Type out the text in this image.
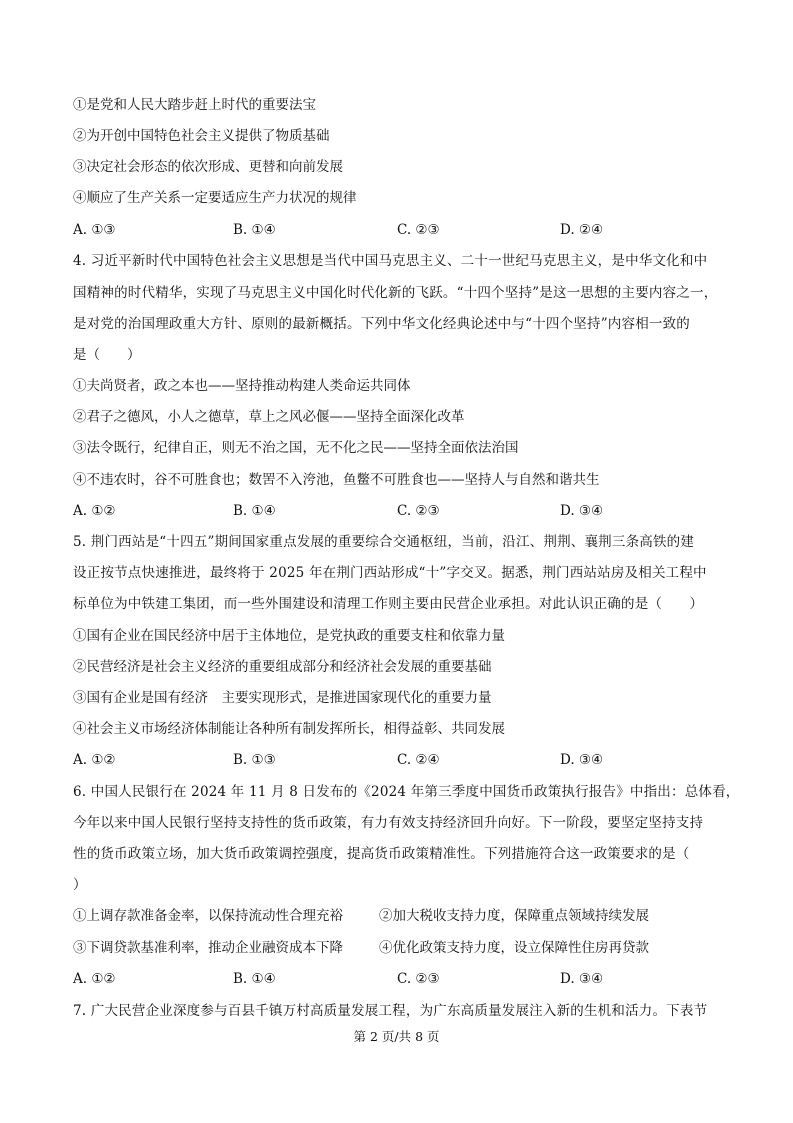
①是党和人民大踏步赶上时代的重要法宝
②为开创中国特色社会主义提供了物质基础
③决定社会形态的依次形成、更替和向前发展
④顺应了生产关系一定要适应生产力状况的规律
A. ①③	B. ①④	C. ②③	D. ②④
4. 习近平新时代中国特色社会主义思想是当代中国马克思主义、二十一世纪马克思主义，是中华文化和中
国精神的时代精华，实现了马克思主义中国化时代化新的飞跃。“十四个坚持”是这一思想的主要内容之一，
是对党的治国理政重大方针、原则的最新概括。下列中华文化经典论述中与“十四个坚持”内容相一致的
是（　　）
①夫尚贤者，政之本也——坚持推动构建人类命运共同体
②君子之德风，小人之德草，草上之风必偃——坚持全面深化改革
③法令既行，纪律自正，则无不治之国，无不化之民——坚持全面依法治国
④不违农时，谷不可胜食也；数罟不入洿池，鱼鳖不可胜食也——坚持人与自然和谐共生
A. ①②	B. ①④	C. ②③	D. ③④
5. 荆门西站是“十四五”期间国家重点发展的重要综合交通枢纽，当前，沿江、荆荆、襄荆三条高铁的建
设正按节点快速推进，最终将于 2025 年在荆门西站形成“十”字交叉。据悉，荆门西站站房及相关工程中
标单位为中铁建工集团，而一些外围建设和清理工作则主要由民营企业承担。对此认识正确的是（　　）
①国有企业在国民经济中居于主体地位，是党执政的重要支柱和依靠力量
②民营经济是社会主义经济的重要组成部分和经济社会发展的重要基础
③国有企业是国有经济　主要实现形式，是推进国家现代化的重要力量
④社会主义市场经济体制能让各种所有制发挥所长，相得益彰、共同发展
A. ①②	B. ①③	C. ②④	D. ③④
6. 中国人民银行在 2024 年 11 月 8 日发布的《2024 年第三季度中国货币政策执行报告》中指出：总体看，
今年以来中国人民银行坚持支持性的货币政策，有力有效支持经济回升向好。下一阶段，要坚定坚持支持
性的货币政策立场，加大货币政策调控强度，提高货币政策精准性。下列措施符合这一政策要求的是（
）
①上调存款准备金率，以保持流动性合理充裕	②加大税收支持力度，保障重点领域持续发展
③下调贷款基准利率，推动企业融资成本下降	④优化政策支持力度，设立保障性住房再贷款
A. ①②	B. ①④	C. ②③	D. ③④
7. 广大民营企业深度参与百县千镇万村高质量发展工程，为广东高质量发展注入新的生机和活力。下表节
第 2 页/共 8 页
